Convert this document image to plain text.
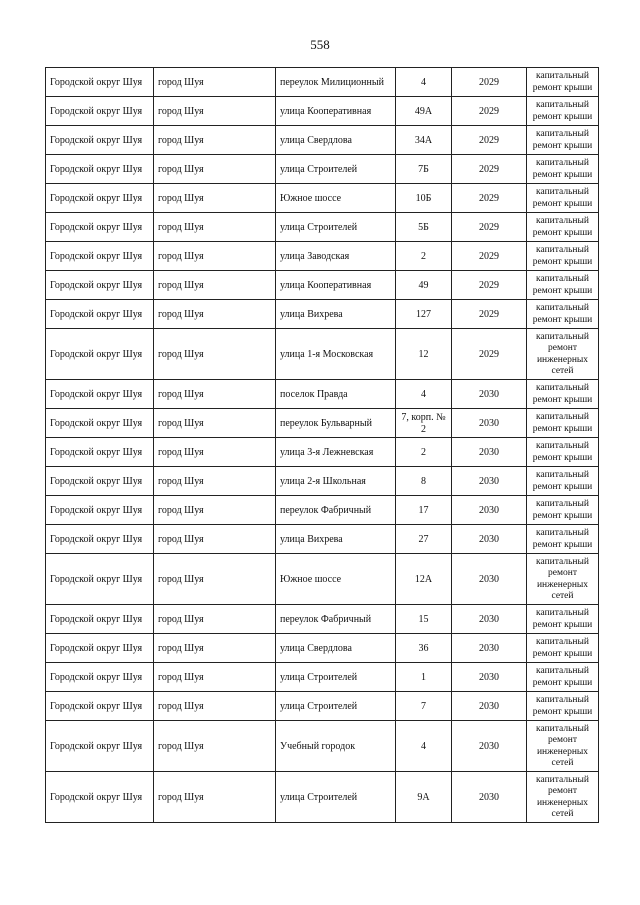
558
Городской округ Шуя	город Шуя	переулок Милиционный	4	2029	капитальный ремонт крыши
Городской округ Шуя	город Шуя	улица Кооперативная	49А	2029	капитальный ремонт крыши
Городской округ Шуя	город Шуя	улица Свердлова	34А	2029	капитальный ремонт крыши
Городской округ Шуя	город Шуя	улица Строителей	7Б	2029	капитальный ремонт крыши
Городской округ Шуя	город Шуя	Южное шоссе	10Б	2029	капитальный ремонт крыши
Городской округ Шуя	город Шуя	улица Строителей	5Б	2029	капитальный ремонт крыши
Городской округ Шуя	город Шуя	улица Заводская	2	2029	капитальный ремонт крыши
Городской округ Шуя	город Шуя	улица Кооперативная	49	2029	капитальный ремонт крыши
Городской округ Шуя	город Шуя	улица Вихрева	127	2029	капитальный ремонт крыши
Городской округ Шуя	город Шуя	улица 1-я Московская	12	2029	капитальный ремонт инженерных сетей
Городской округ Шуя	город Шуя	поселок Правда	4	2030	капитальный ремонт крыши
Городской округ Шуя	город Шуя	переулок Бульварный	7, корп. № 2	2030	капитальный ремонт крыши
Городской округ Шуя	город Шуя	улица 3-я Лежневская	2	2030	капитальный ремонт крыши
Городской округ Шуя	город Шуя	улица 2-я Школьная	8	2030	капитальный ремонт крыши
Городской округ Шуя	город Шуя	переулок Фабричный	17	2030	капитальный ремонт крыши
Городской округ Шуя	город Шуя	улица Вихрева	27	2030	капитальный ремонт крыши
Городской округ Шуя	город Шуя	Южное шоссе	12А	2030	капитальный ремонт инженерных сетей
Городской округ Шуя	город Шуя	переулок Фабричный	15	2030	капитальный ремонт крыши
Городской округ Шуя	город Шуя	улица Свердлова	36	2030	капитальный ремонт крыши
Городской округ Шуя	город Шуя	улица Строителей	1	2030	капитальный ремонт крыши
Городской округ Шуя	город Шуя	улица Строителей	7	2030	капитальный ремонт крыши
Городской округ Шуя	город Шуя	Учебный городок	4	2030	капитальный ремонт инженерных сетей
Городской округ Шуя	город Шуя	улица Строителей	9А	2030	капитальный ремонт инженерных сетей
